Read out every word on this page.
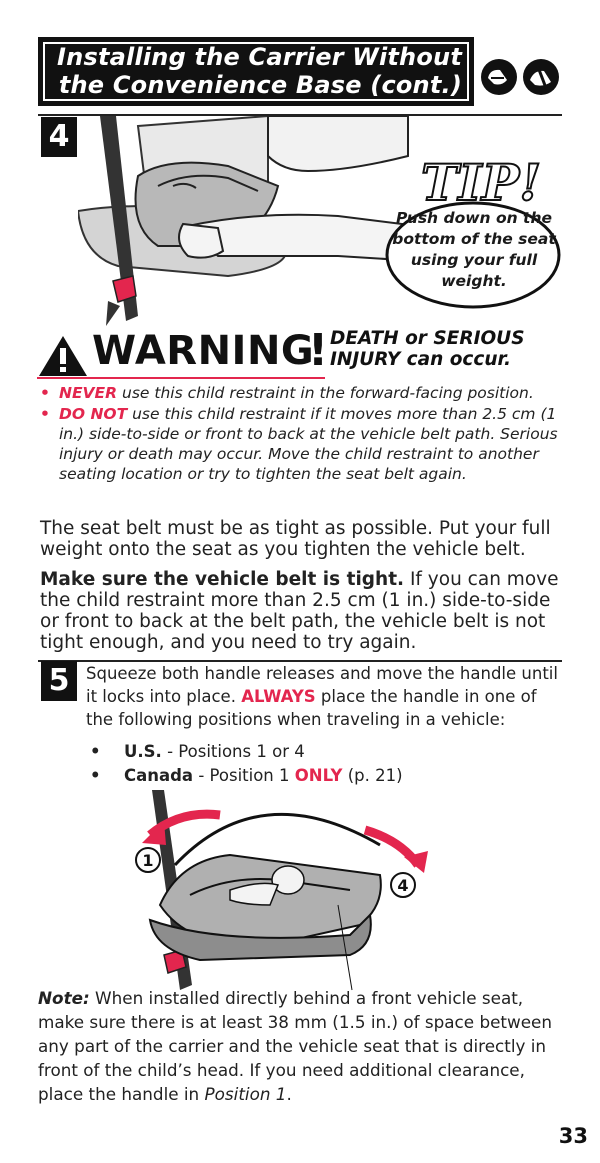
Installing the Carrier Without
the Convenience Base (cont.)
4
TIP!
Push down on the bottom of the seat using your full weight.
WARNING
! DEATH or SERIOUS
INJURY can occur.
• NEVER use this child restraint in the forward-facing position.
• DO NOT use this child restraint if it moves more than 2.5 cm (1 in.) side-to-side or front to back at the vehicle belt path. Serious injury or death may occur. Move the child restraint to another seating location or try to tighten the seat belt again.
The seat belt must be as tight as possible. Put your full weight onto the seat as you tighten the vehicle belt.
Make sure the vehicle belt is tight. If you can move the child restraint more than 2.5 cm (1 in.) side-to-side or front to back at the belt path, the vehicle belt is not tight enough, and you need to try again.
5	Squeeze both handle releases and move the handle until it locks into place. ALWAYS place the handle in one of the following positions when traveling in a vehicle:
• U.S. - Positions 1 or 4
• Canada - Position 1 ONLY (p. 21)
1
4
Note: When installed directly behind a front vehicle seat, make sure there is at least 38 mm (1.5 in.) of space between any part of the carrier and the vehicle seat that is directly in front of the child’s head. If you need additional clearance, place the handle in Position 1.
33
